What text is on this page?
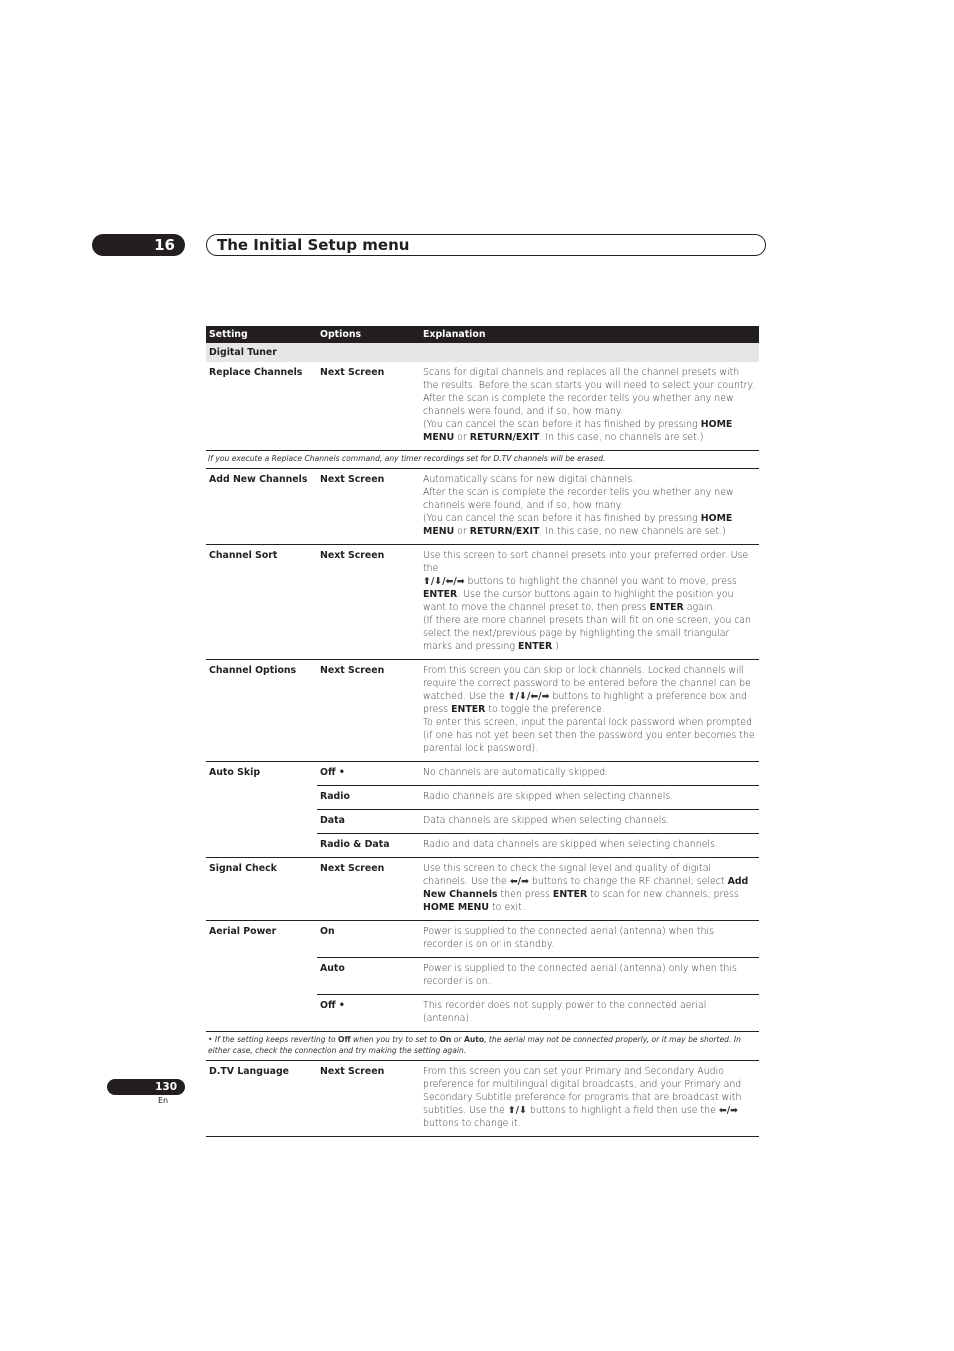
16	The Initial Setup menu
Setting	Options	Explanation
Digital Tuner		
Replace Channels	Next Screen	Scans for digital channels and replaces all the channel presets with the results. Before the scan starts you will need to select your country.
After the scan is complete the recorder tells you whether any new channels were found, and if so, how many.
(You can cancel the scan before it has finished by pressing HOME MENU or RETURN/EXIT. In this case, no channels are set.)
If you execute a Replace Channels command, any timer recordings set for D.TV channels will be erased.		
Add New Channels	Next Screen	Automatically scans for new digital channels.
After the scan is complete the recorder tells you whether any new channels were found, and if so, how many.
(You can cancel the scan before it has finished by pressing HOME MENU or RETURN/EXIT. In this case, no new channels are set.)
Channel Sort	Next Screen	Use this screen to sort channel presets into your preferred order. Use the
⬆/⬇/⬅/➡ buttons to highlight the channel you want to move, press ENTER. Use the cursor buttons again to highlight the position you want to move the channel preset to, then press ENTER again.
(If there are more channel presets than will fit on one screen, you can select the next/previous page by highlighting the small triangular marks and pressing ENTER.)
Channel Options	Next Screen	From this screen you can skip or lock channels. Locked channels will require the correct password to be entered before the channel can be watched. Use the ⬆/⬇/⬅/➡ buttons to highlight a preference box and press ENTER to toggle the preference.
To enter this screen, input the parental lock password when prompted (if one has not yet been set then the password you enter becomes the parental lock password).
Auto Skip	Off •	No channels are automatically skipped.
	Radio	Radio channels are skipped when selecting channels.
	Data	Data channels are skipped when selecting channels.
	Radio & Data	Radio and data channels are skipped when selecting channels.
Signal Check	Next Screen	Use this screen to check the signal level and quality of digital channels. Use the ⬅/➡ buttons to change the RF channel; select Add New Channels then press ENTER to scan for new channels; press HOME MENU to exit.
Aerial Power	On	Power is supplied to the connected aerial (antenna) when this recorder is on or in standby.
	Auto	Power is supplied to the connected aerial (antenna) only when this recorder is on.
	Off •	This recorder does not supply power to the connected aerial (antenna).
• If the setting keeps reverting to Off when you try to set to On or Auto, the aerial may not be connected properly, or it may be shorted. In either case, check the connection and try making the setting again.		
D.TV Language	Next Screen	From this screen you can set your Primary and Secondary Audio preference for multilingual digital broadcasts, and your Primary and Secondary Subtitle preference for programs that are broadcast with subtitles. Use the ⬆/⬇ buttons to highlight a field then use the ⬅/➡ buttons to change it.
130
En
